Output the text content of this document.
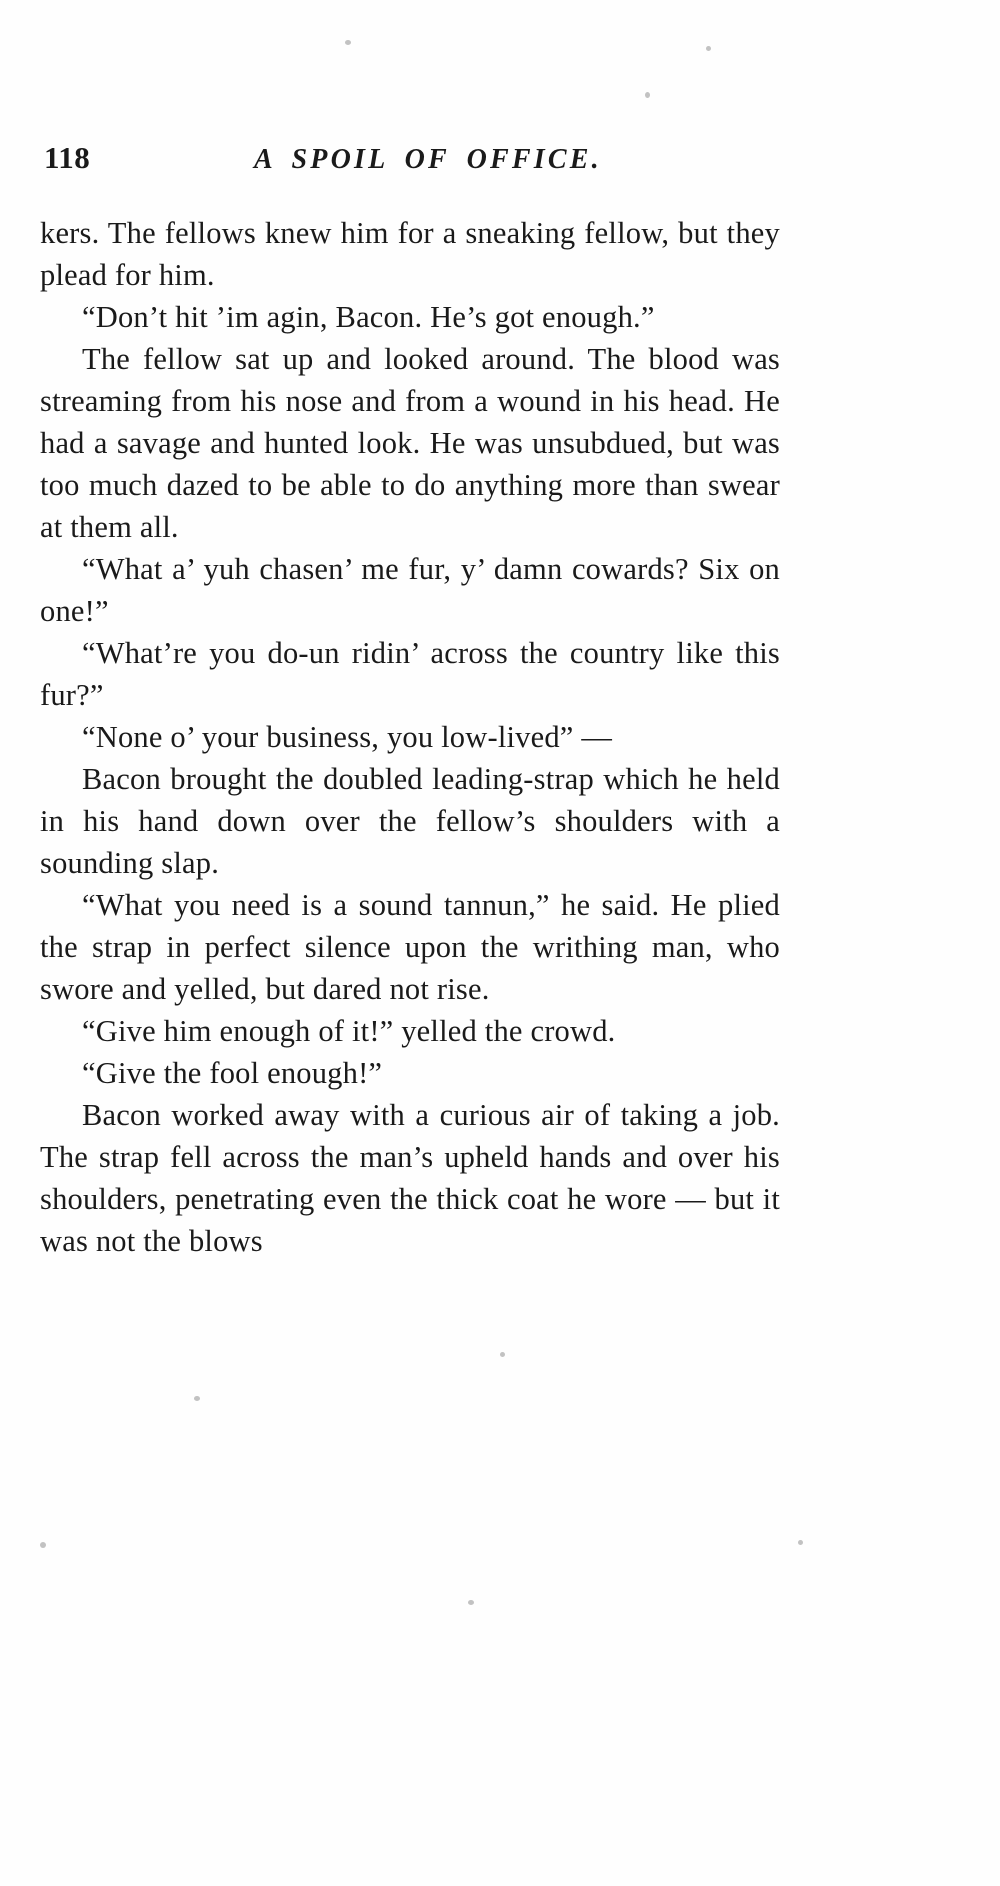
118	A SPOIL OF OFFICE.

kers. The fellows knew him for a sneaking fellow, but they plead for him.

“Don’t hit ’im agin, Bacon. He’s got enough.”

The fellow sat up and looked around. The blood was streaming from his nose and from a wound in his head. He had a savage and hunted look. He was unsubdued, but was too much dazed to be able to do anything more than swear at them all.

“What a’ yuh chasen’ me fur, y’ damn cowards? Six on one!”

“What’re you do-un ridin’ across the country like this fur?”

“None o’ your business, you low-lived” —

Bacon brought the doubled leading-strap which he held in his hand down over the fellow’s shoulders with a sounding slap.

“What you need is a sound tannun,” he said. He plied the strap in perfect silence upon the writhing man, who swore and yelled, but dared not rise.

“Give him enough of it!” yelled the crowd.

“Give the fool enough!”

Bacon worked away with a curious air of taking a job. The strap fell across the man’s upheld hands and over his shoulders, penetrating even the thick coat he wore — but it was not the blows
